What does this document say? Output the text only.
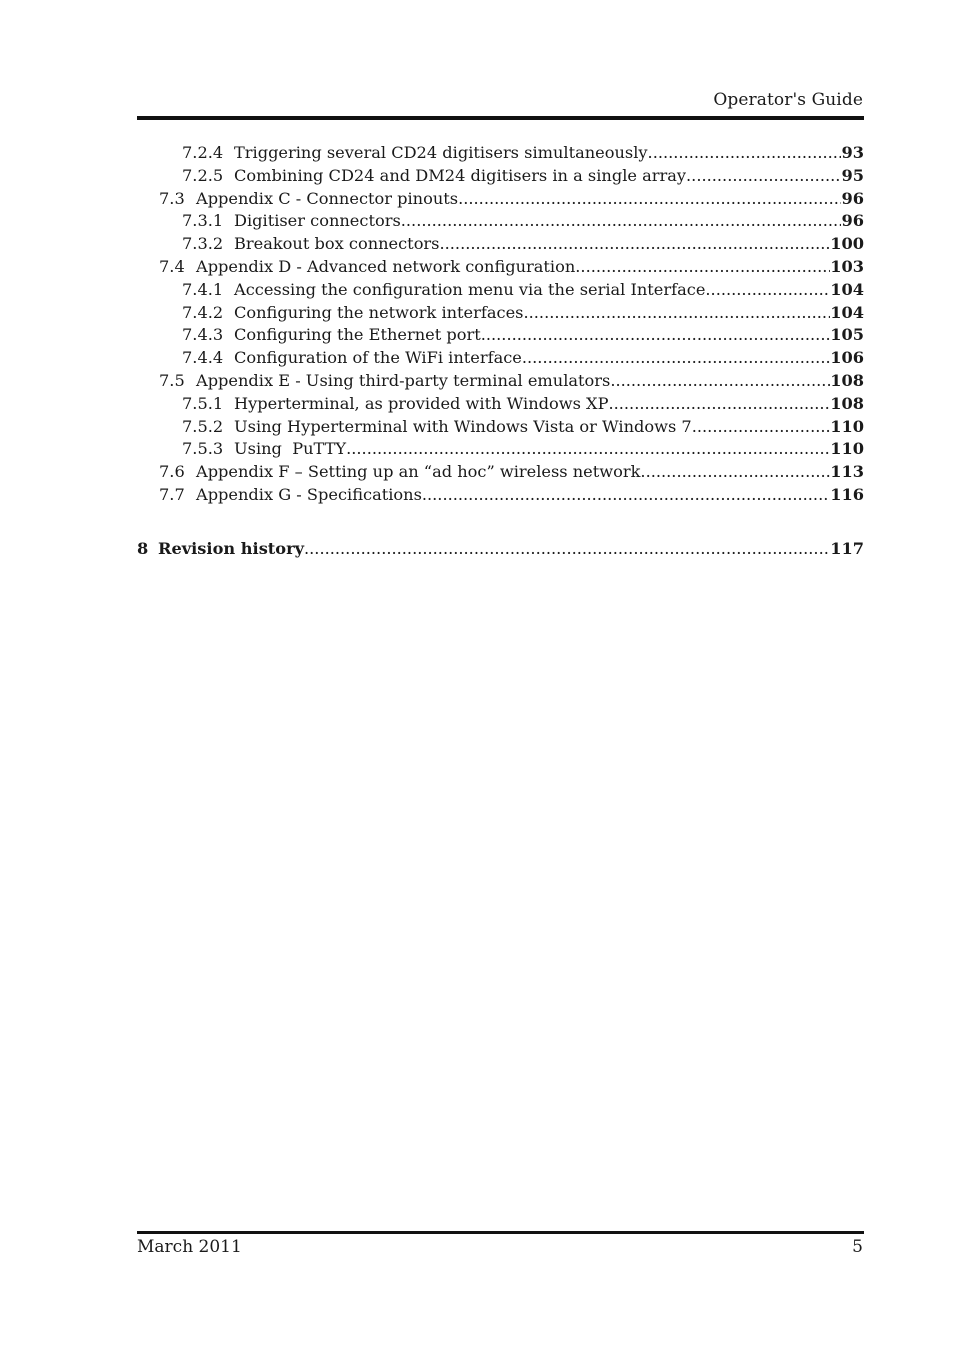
Operator's Guide
7.2.4 Triggering several CD24 digitisers simultaneously .....	93
7.2.5 Combining CD24 and DM24 digitisers in a single array .....	95
7.3 Appendix C - Connector pinouts .....	96
7.3.1 Digitiser connectors .....	96
7.3.2 Breakout box connectors .....	100
7.4 Appendix D - Advanced network configuration .....	103
7.4.1 Accessing the configuration menu via the serial Interface .....	104
7.4.2 Configuring the network interfaces .....	104
7.4.3 Configuring the Ethernet port .....	105
7.4.4 Configuration of the WiFi interface .....	106
7.5 Appendix E - Using third-party terminal emulators .....	108
7.5.1 Hyperterminal, as provided with Windows XP .....	108
7.5.2 Using Hyperterminal with Windows Vista or Windows 7 .....	110
7.5.3 Using  PuTTY .....	110
7.6 Appendix F – Setting up an “ad hoc” wireless network .....	113
7.7 Appendix G - Specifications .....	116
8 Revision history .....	117
March 2011	5
